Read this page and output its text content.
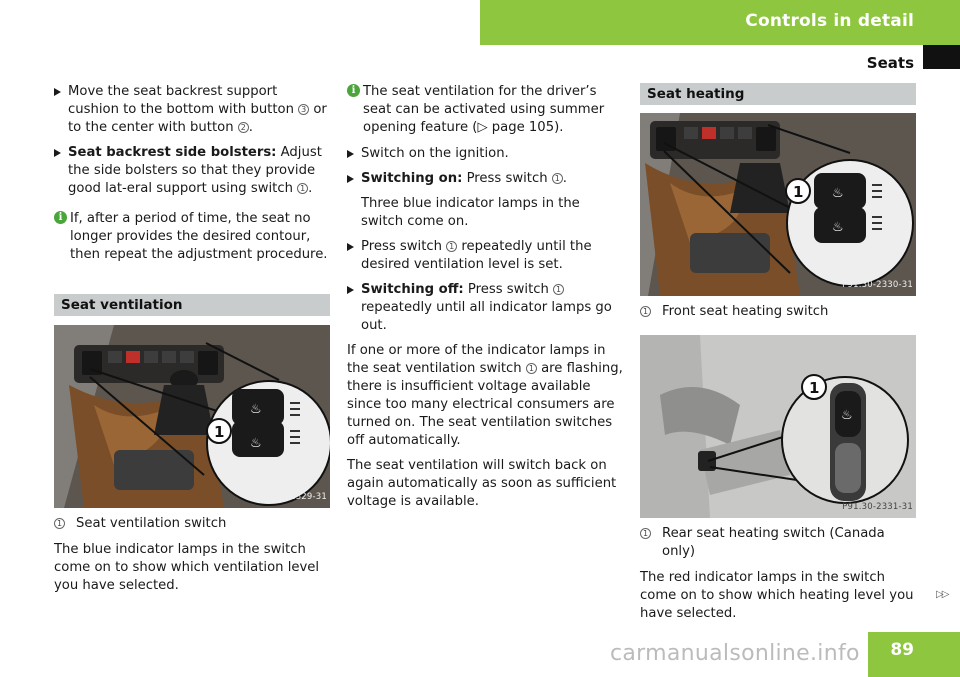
Controls in detail
Seats
Move the seat backrest support cushion to the bottom with button 3 or to the center with button 2 .
Seat backrest side bolsters: Adjust the side bolsters so that they provide good lat-eral support using switch 1 .
i If, after a period of time, the seat no longer provides the desired contour, then repeat the adjustment procedure.
Seat ventilation
♨
♨
1
P91.30-2329-31
1 Seat ventilation switch

The blue indicator lamps in the switch come on to show which ventilation level you have selected.

i The seat ventilation for the driver’s seat can be activated using summer opening feature (▷ page 105).
Switch on the ignition.
Switching on: Press switch 1 .
Three blue indicator lamps in the switch come on.
Press switch 1 repeatedly until the desired ventilation level is set.
Switching off: Press switch 1 repeatedly until all indicator lamps go out.

If one or more of the indicator lamps in the seat ventilation switch 1 are flashing, there is insufficient voltage available since too many electrical consumers are turned on. The seat ventilation switches off automatically.

The seat ventilation will switch back on again automatically as soon as sufficient voltage is available.

Seat heating
♨
♨
1
P91.30-2330-31
1 Front seat heating switch
♨
1
P91.30-2331-31
1 Rear seat heating switch (Canada only)

The red indicator lamps in the switch come on to show which heating level you have selected.

▷▷
89
carmanualsonline.info
